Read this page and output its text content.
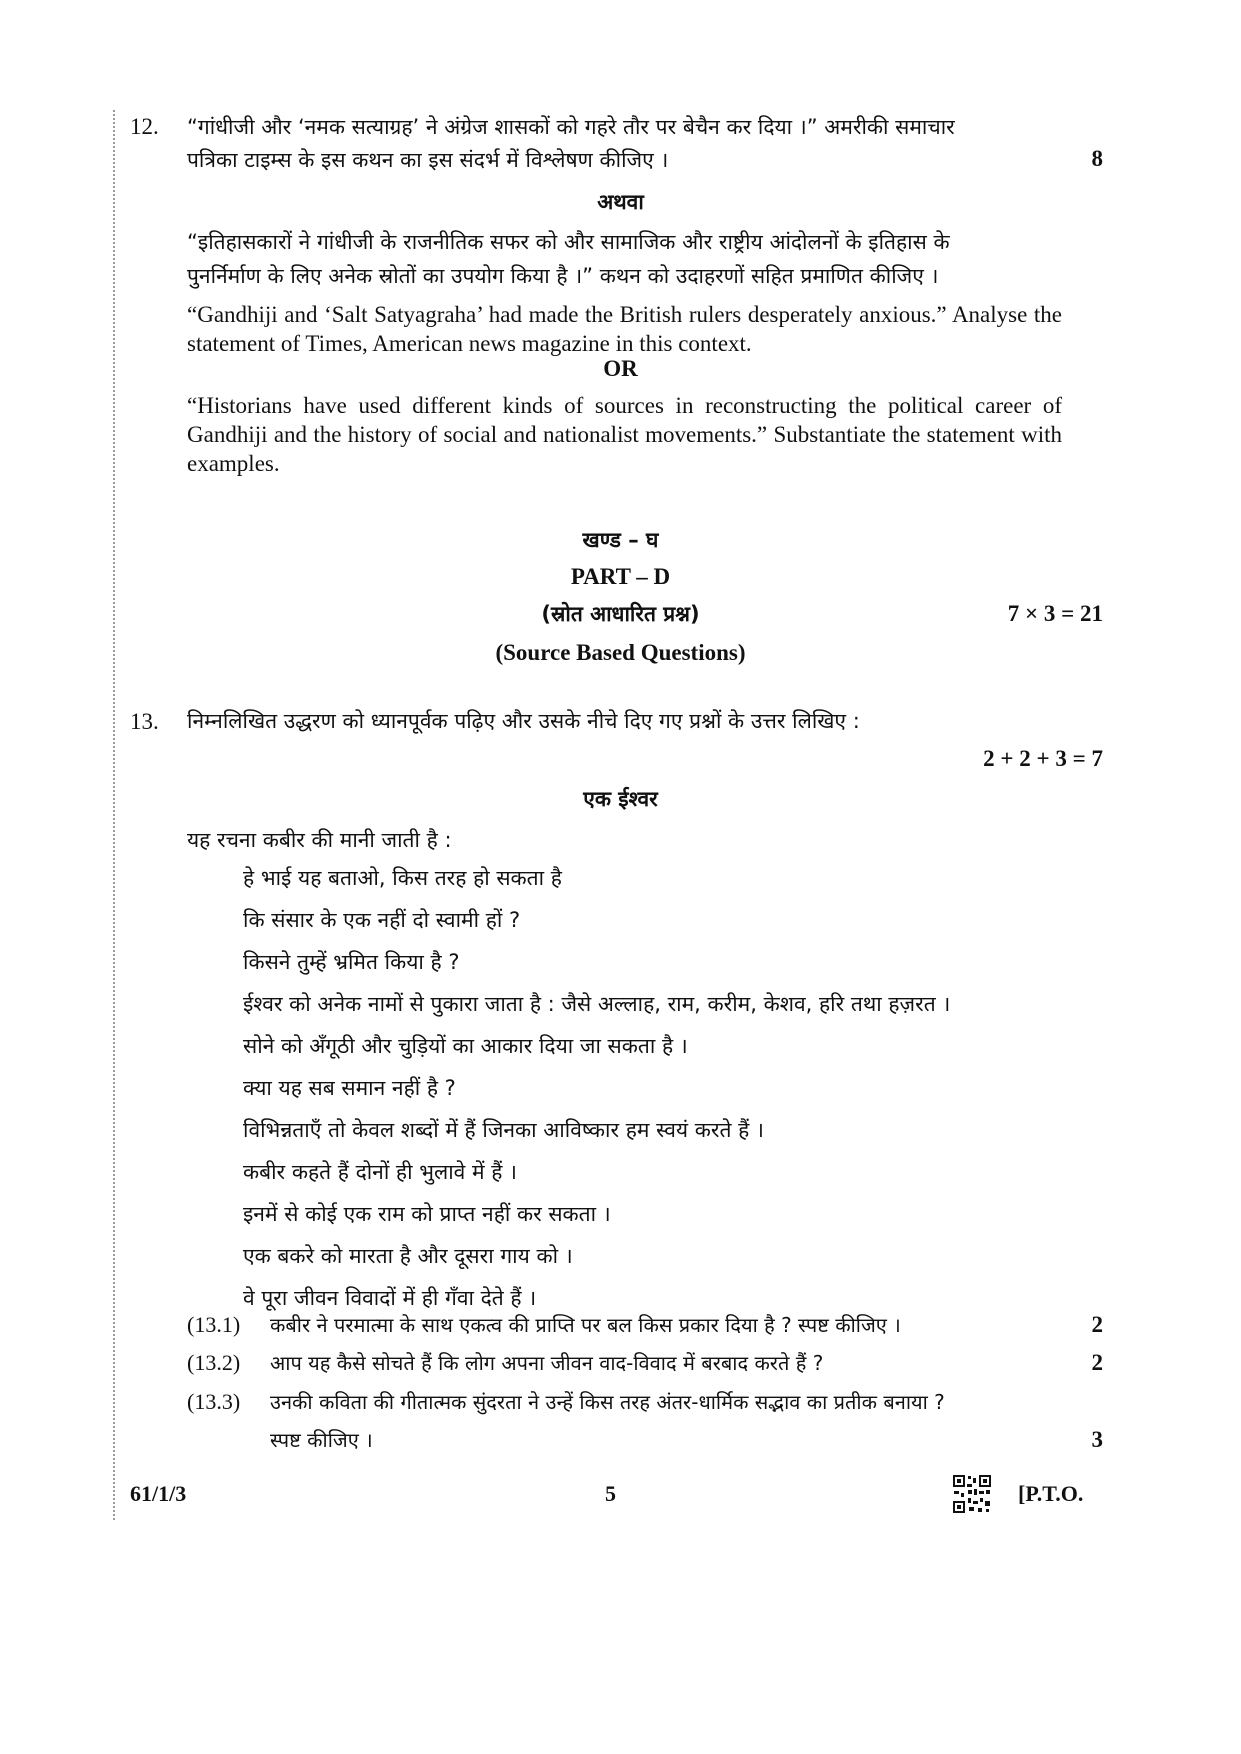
12. “गांधीजी और ‘नमक सत्याग्रह’ ने अंग्रेज शासकों को गहरे तौर पर बेचैन कर दिया ।” अमरीकी समाचार
पत्रिका टाइम्स के इस कथन का इस संदर्भ में विश्लेषण कीजिए ।	8
अथवा
“इतिहासकारों ने गांधीजी के राजनीतिक सफर को और सामाजिक और राष्ट्रीय आंदोलनों के इतिहास के
पुनर्निर्माण के लिए अनेक स्रोतों का उपयोग किया है ।” कथन को उदाहरणों सहित प्रमाणित कीजिए ।
“Gandhiji and ‘Salt Satyagraha’ had made the British rulers desperately anxious.” Analyse the statement of Times, American news magazine in this context.
OR
“Historians have used different kinds of sources in reconstructing the political career of Gandhiji and the history of social and nationalist movements.” Substantiate the statement with examples.
खण्ड – घ
PART – D
(स्रोत आधारित प्रश्न)	7 × 3 = 21
(Source Based Questions)
13. निम्नलिखित उद्धरण को ध्यानपूर्वक पढ़िए और उसके नीचे दिए गए प्रश्नों के उत्तर लिखिए :
2 + 2 + 3 = 7
एक ईश्वर
यह रचना कबीर की मानी जाती है :
हे भाई यह बताओ, किस तरह हो सकता है
कि संसार के एक नहीं दो स्वामी हों ?
किसने तुम्हें भ्रमित किया है ?
ईश्वर को अनेक नामों से पुकारा जाता है : जैसे अल्लाह, राम, करीम, केशव, हरि तथा हज़रत ।
सोने को अँगूठी और चुड़ियों का आकार दिया जा सकता है ।
क्या यह सब समान नहीं है ?
विभिन्नताएँ तो केवल शब्दों में हैं जिनका आविष्कार हम स्वयं करते हैं ।
कबीर कहते हैं दोनों ही भुलावे में हैं ।
इनमें से कोई एक राम को प्राप्त नहीं कर सकता ।
एक बकरे को मारता है और दूसरा गाय को ।
वे पूरा जीवन विवादों में ही गँवा देते हैं ।
(13.1) कबीर ने परमात्मा के साथ एकत्व की प्राप्ति पर बल किस प्रकार दिया है ? स्पष्ट कीजिए ।	2
(13.2) आप यह कैसे सोचते हैं कि लोग अपना जीवन वाद-विवाद में बरबाद करते हैं ?	2
(13.3) उनकी कविता की गीतात्मक सुंदरता ने उन्हें किस तरह अंतर-धार्मिक सद्भाव का प्रतीक बनाया ?
स्पष्ट कीजिए ।	3
61/1/3	5	[P.T.O.
